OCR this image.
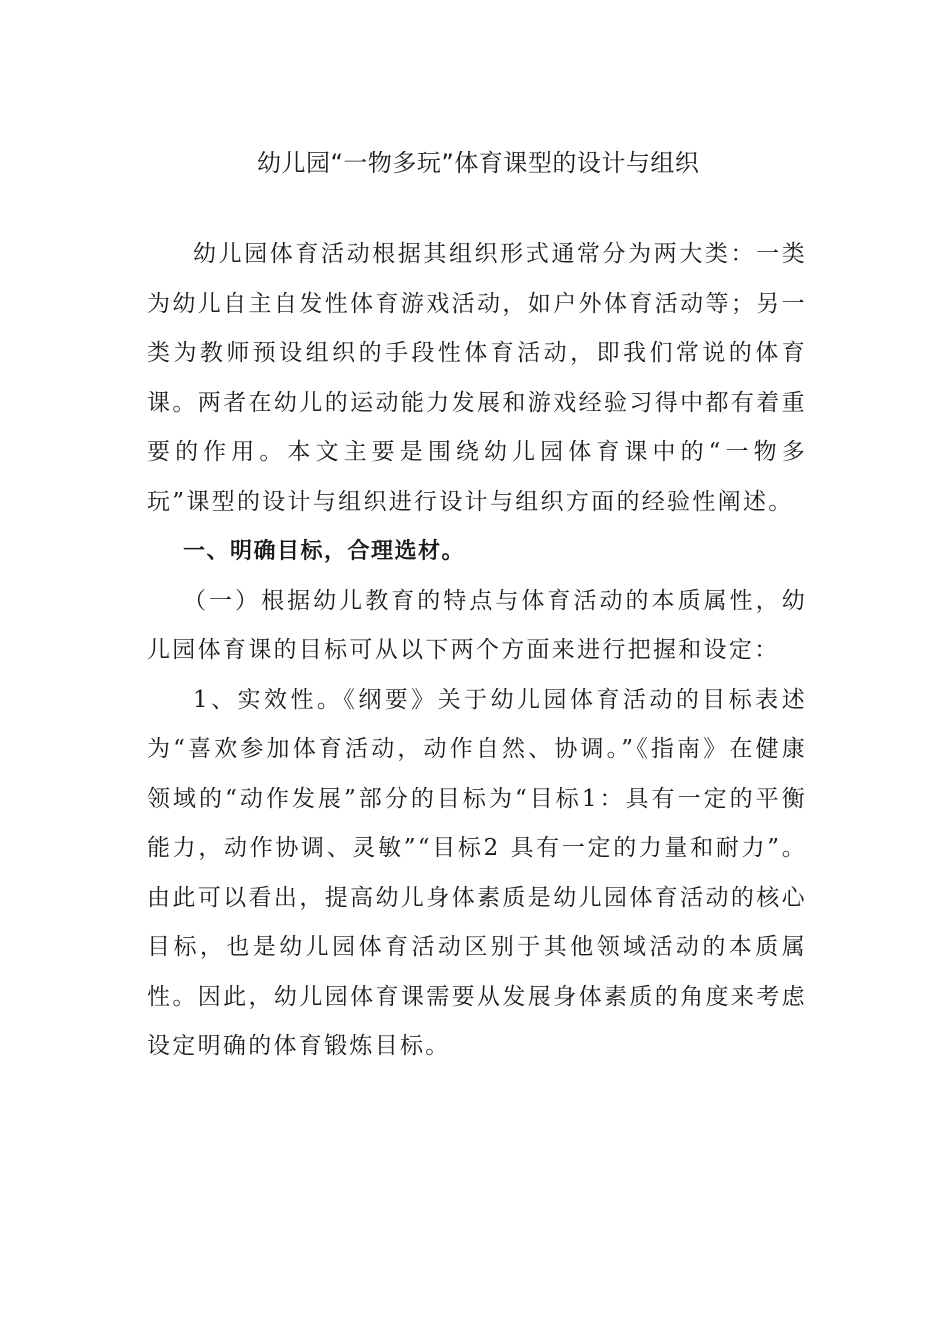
幼儿园“一物多玩”体育课型的设计与组织

幼儿园体育活动根据其组织形式通常分为两大类：一类为幼儿自主自发性体育游戏活动，如户外体育活动等；另一类为教师预设组织的手段性体育活动，即我们常说的体育课。两者在幼儿的运动能力发展和游戏经验习得中都有着重要的作用。本文主要是围绕幼儿园体育课中的“一物多玩”课型的设计与组织进行设计与组织方面的经验性阐述。

一、明确目标，合理选材。

（一）根据幼儿教育的特点与体育活动的本质属性，幼儿园体育课的目标可从以下两个方面来进行把握和设定：

1、实效性。《纲要》关于幼儿园体育活动的目标表述为“喜欢参加体育活动，动作自然、协调。”《指南》在健康领域的“动作发展”部分的目标为“目标1：具有一定的平衡能力，动作协调、灵敏”“目标2 具有一定的力量和耐力”。由此可以看出，提高幼儿身体素质是幼儿园体育活动的核心目标，也是幼儿园体育活动区别于其他领域活动的本质属性。因此，幼儿园体育课需要从发展身体素质的角度来考虑设定明确的体育锻炼目标。
